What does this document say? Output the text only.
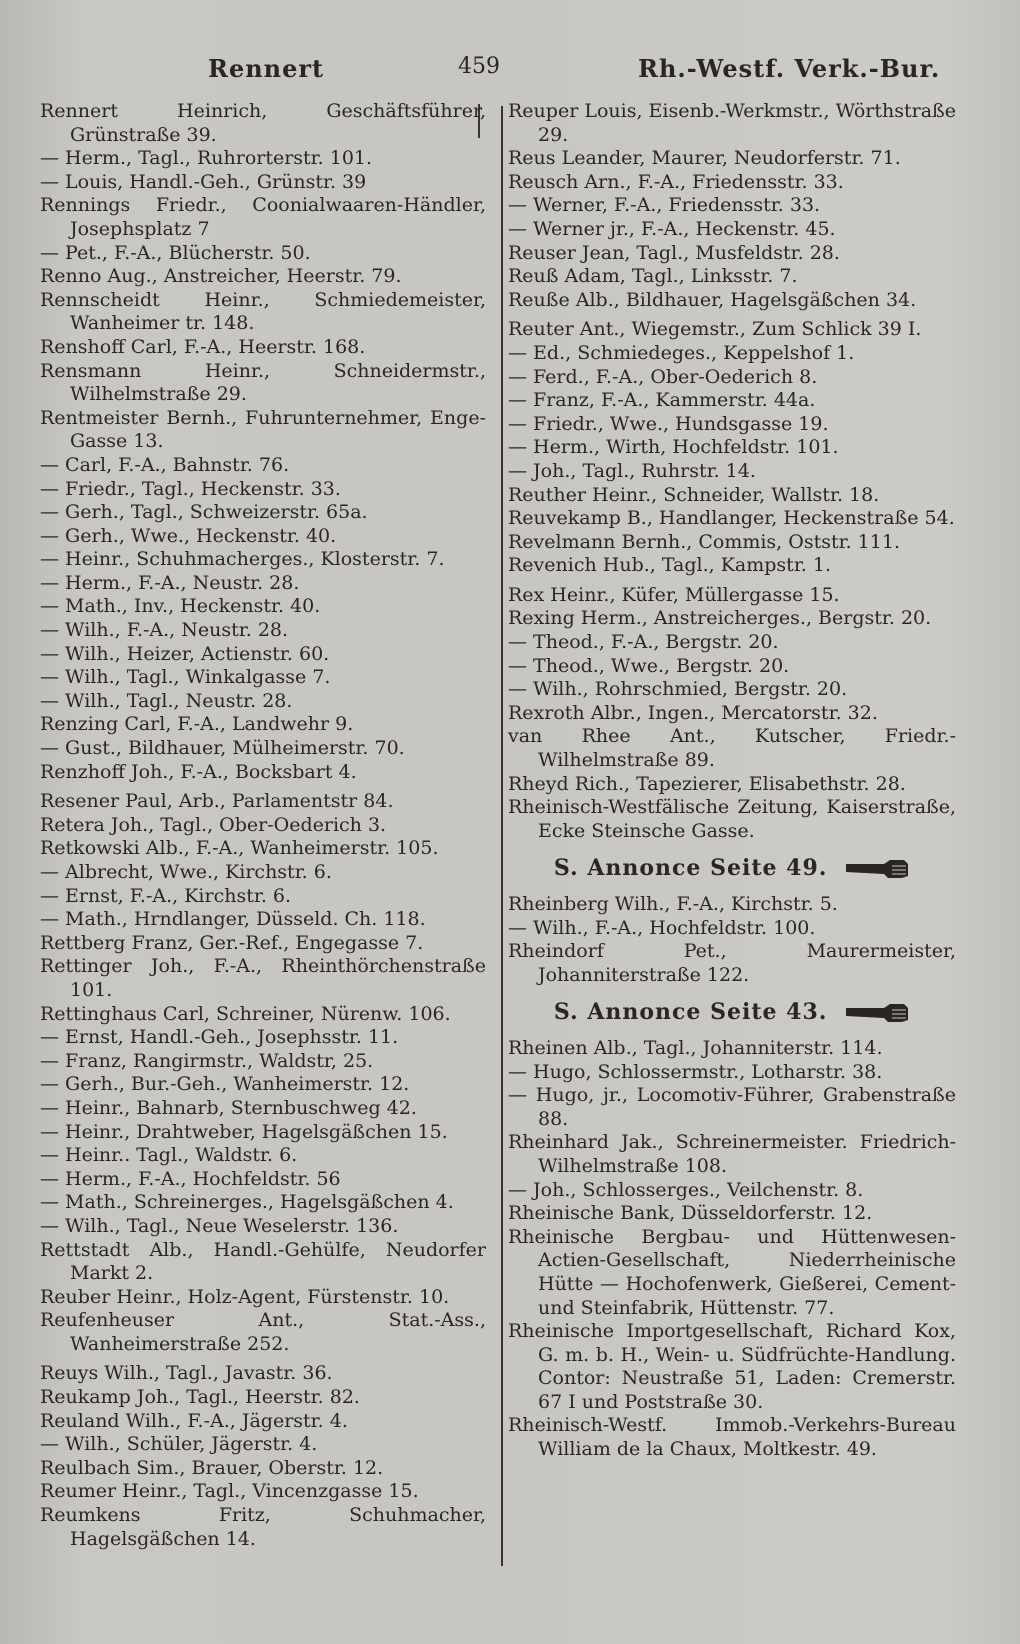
Rennert	459	Rh.-Westf. Verk.-Bur.
Rennert Heinrich, Geschäftsführer, Grünstraße 39.
— Herm., Tagl., Ruhrorterstr. 101.
— Louis, Handl.-Geh., Grünstr. 39
Rennings Friedr., Coonialwaaren-Händler, Josephsplatz 7
— Pet., F.-A., Blücherstr. 50.
Renno Aug., Anstreicher, Heerstr. 79.
Rennscheidt Heinr., Schmiedemeister, Wanheimer tr. 148.
Renshoff Carl, F.-A., Heerstr. 168.
Rensmann Heinr., Schneidermstr., Wilhelmstraße 29.
Rentmeister Bernh., Fuhrunternehmer, Enge-Gasse 13.
— Carl, F.-A., Bahnstr. 76.
— Friedr., Tagl., Heckenstr. 33.
— Gerh., Tagl., Schweizerstr. 65a.
— Gerh., Wwe., Heckenstr. 40.
— Heinr., Schuhmacherges., Klosterstr. 7.
— Herm., F.-A., Neustr. 28.
— Math., Inv., Heckenstr. 40.
— Wilh., F.-A., Neustr. 28.
— Wilh., Heizer, Actienstr. 60.
— Wilh., Tagl., Winkalgasse 7.
— Wilh., Tagl., Neustr. 28.
Renzing Carl, F.-A., Landwehr 9.
— Gust., Bildhauer, Mülheimerstr. 70.
Renzhoff Joh., F.-A., Bocksbart 4.
Resener Paul, Arb., Parlamentstr 84.
Retera Joh., Tagl., Ober-Oederich 3.
Retkowski Alb., F.-A., Wanheimerstr. 105.
— Albrecht, Wwe., Kirchstr. 6.
— Ernst, F.-A., Kirchstr. 6.
— Math., Hrndlanger, Düsseld. Ch. 118.
Rettberg Franz, Ger.-Ref., Engegasse 7.
Rettinger Joh., F.-A., Rheinthörchenstraße 101.
Rettinghaus Carl, Schreiner, Nürenw. 106.
— Ernst, Handl.-Geh., Josephsstr. 11.
— Franz, Rangirmstr., Waldstr, 25.
— Gerh., Bur.-Geh., Wanheimerstr. 12.
— Heinr., Bahnarb, Sternbuschweg 42.
— Heinr., Drahtweber, Hagelsgäßchen 15.
— Heinr.. Tagl., Waldstr. 6.
— Herm., F.-A., Hochfeldstr. 56
— Math., Schreinerges., Hagelsgäßchen 4.
— Wilh., Tagl., Neue Weselerstr. 136.
Rettstadt Alb., Handl.-Gehülfe, Neudorfer Markt 2.
Reuber Heinr., Holz-Agent, Fürstenstr. 10.
Reufenheuser Ant., Stat.-Ass., Wanheimerstraße 252.
Reuys Wilh., Tagl., Javastr. 36.
Reukamp Joh., Tagl., Heerstr. 82.
Reuland Wilh., F.-A., Jägerstr. 4.
— Wilh., Schüler, Jägerstr. 4.
Reulbach Sim., Brauer, Oberstr. 12.
Reumer Heinr., Tagl., Vincenzgasse 15.
Reumkens Fritz, Schuhmacher, Hagelsgäßchen 14.
Reuper Louis, Eisenb.-Werkmstr., Wörthstraße 29.
Reus Leander, Maurer, Neudorferstr. 71.
Reusch Arn., F.-A., Friedensstr. 33.
— Werner, F.-A., Friedensstr. 33.
— Werner jr., F.-A., Heckenstr. 45.
Reuser Jean, Tagl., Musfeldstr. 28.
Reuß Adam, Tagl., Linksstr. 7.
Reuße Alb., Bildhauer, Hagelsgäßchen 34.
Reuter Ant., Wiegemstr., Zum Schlick 39 I.
— Ed., Schmiedeges., Keppelshof 1.
— Ferd., F.-A., Ober-Oederich 8.
— Franz, F.-A., Kammerstr. 44a.
— Friedr., Wwe., Hundsgasse 19.
— Herm., Wirth, Hochfeldstr. 101.
— Joh., Tagl., Ruhrstr. 14.
Reuther Heinr., Schneider, Wallstr. 18.
Reuvekamp B., Handlanger, Heckenstraße 54.
Revelmann Bernh., Commis, Oststr. 111.
Revenich Hub., Tagl., Kampstr. 1.
Rex Heinr., Küfer, Müllergasse 15.
Rexing Herm., Anstreicherges., Bergstr. 20.
— Theod., F.-A., Bergstr. 20.
— Theod., Wwe., Bergstr. 20.
— Wilh., Rohrschmied, Bergstr. 20.
Rexroth Albr., Ingen., Mercatorstr. 32.
van Rhee Ant., Kutscher, Friedr.-Wilhelmstraße 89.
Rheyd Rich., Tapezierer, Elisabethstr. 28.
Rheinisch-Westfälische Zeitung, Kaiserstraße, Ecke Steinsche Gasse.
S. Annonce Seite 49.
Rheinberg Wilh., F.-A., Kirchstr. 5.
— Wilh., F.-A., Hochfeldstr. 100.
Rheindorf Pet., Maurermeister, Johanniterstraße 122.
S. Annonce Seite 43.
Rheinen Alb., Tagl., Johanniterstr. 114.
— Hugo, Schlossermstr., Lotharstr. 38.
— Hugo, jr., Locomotiv-Führer, Grabenstraße 88.
Rheinhard Jak., Schreinermeister. Friedrich-Wilhelmstraße 108.
— Joh., Schlosserges., Veilchenstr. 8.
Rheinische Bank, Düsseldorferstr. 12.
Rheinische Bergbau- und Hüttenwesen-Actien-Gesellschaft, Niederrheinische Hütte — Hochofenwerk, Gießerei, Cement- und Steinfabrik, Hüttenstr. 77.
Rheinische Importgesellschaft, Richard Kox, G. m. b. H., Wein- u. Südfrüchte-Handlung. Contor: Neustraße 51, Laden: Cremerstr. 67 I und Poststraße 30.
Rheinisch-Westf. Immob.-Verkehrs-Bureau William de la Chaux, Moltkestr. 49.
